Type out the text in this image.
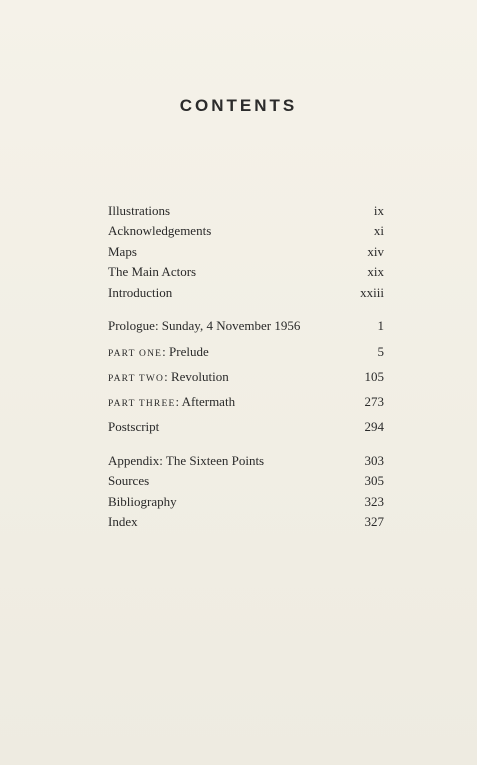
CONTENTS
Illustrations	ix
Acknowledgements	xi
Maps	xiv
The Main Actors	xix
Introduction	xxiii
Prologue: Sunday, 4 November 1956	1
PART ONE: Prelude	5
PART TWO: Revolution	105
PART THREE: Aftermath	273
Postscript	294
Appendix: The Sixteen Points	303
Sources	305
Bibliography	323
Index	327
